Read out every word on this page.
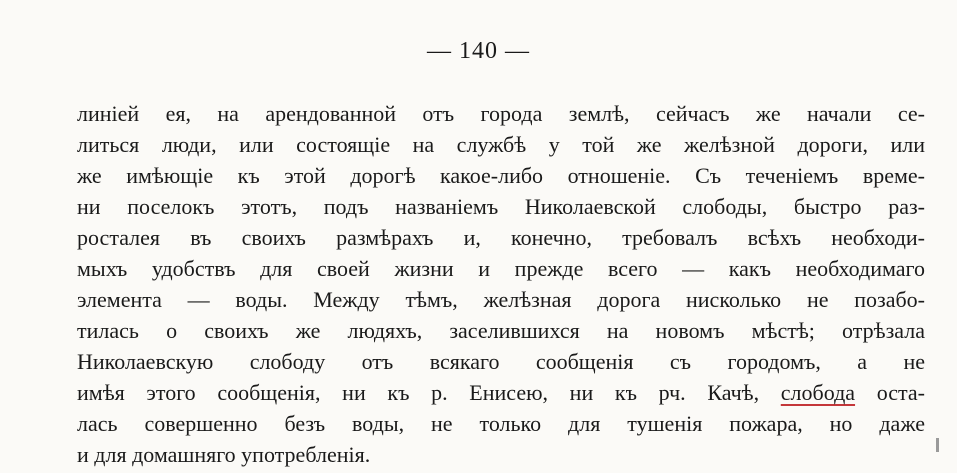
— 140 —
линіей ея, на арендованной отъ города землѣ, сейчасъ же начали се-
литься люди, или состоящіе на службѣ у той же желѣзной дороги, или
же имѣющіе къ этой дорогѣ какое-либо отношеніе. Съ теченіемъ време-
ни поселокъ этотъ, подъ названіемъ Николаевской слободы, быстро раз-
росталея въ своихъ размѣрахъ и, конечно, требовалъ всѣхъ необходи-
мыхъ удобствъ для своей жизни и прежде всего — какъ необходимаго
элемента — воды. Между тѣмъ, желѣзная дорога нисколько не позабо-
тилась о своихъ же людяхъ, заселившихся на новомъ мѣстѣ; отрѣзала
Николаевскую слободу отъ всякаго сообщенія съ городомъ, а не
имѣя этого сообщенія, ни къ р. Енисею, ни къ рч. Качѣ, слобода оста-
лась совершенно безъ воды, не только для тушенія пожара, но даже
и для домашняго употребленія.
